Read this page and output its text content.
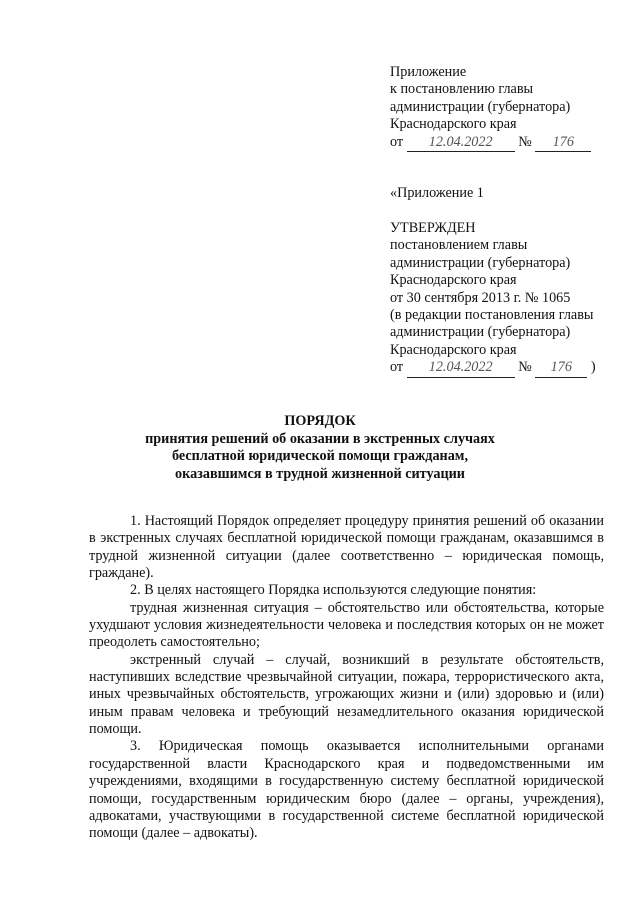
Приложение
к постановлению главы
администрации (губернатора)
Краснодарского края
от 12.04.2022 № 176
«Приложение 1
УТВЕРЖДЕН
постановлением главы
администрации (губернатора)
Краснодарского края
от 30 сентября 2013 г. № 1065
(в редакции постановления главы
администрации (губернатора)
Краснодарского края
от 12.04.2022 № 176 )
ПОРЯДОК
принятия решений об оказании в экстренных случаях
бесплатной юридической помощи гражданам,
оказавшимся в трудной жизненной ситуации

1. Настоящий Порядок определяет процедуру принятия решений об оказании в экстренных случаях бесплатной юридической помощи гражданам, оказавшимся в трудной жизненной ситуации (далее соответственно – юридическая помощь, граждане).

2. В целях настоящего Порядка используются следующие понятия:

трудная жизненная ситуация – обстоятельство или обстоятельства, которые ухудшают условия жизнедеятельности человека и последствия которых он не может преодолеть самостоятельно;

экстренный случай – случай, возникший в результате обстоятельств, наступивших вследствие чрезвычайной ситуации, пожара, террористического акта, иных чрезвычайных обстоятельств, угрожающих жизни и (или) здоровью и (или) иным правам человека и требующий незамедлительного оказания юридической помощи.

3. Юридическая помощь оказывается исполнительными органами государственной власти Краснодарского края и подведомственными им учреждениями, входящими в государственную систему бесплатной юридической помощи, государственным юридическим бюро (далее – органы, учреждения), адвокатами, участвующими в государственной системе бесплатной юридической помощи (далее – адвокаты).
